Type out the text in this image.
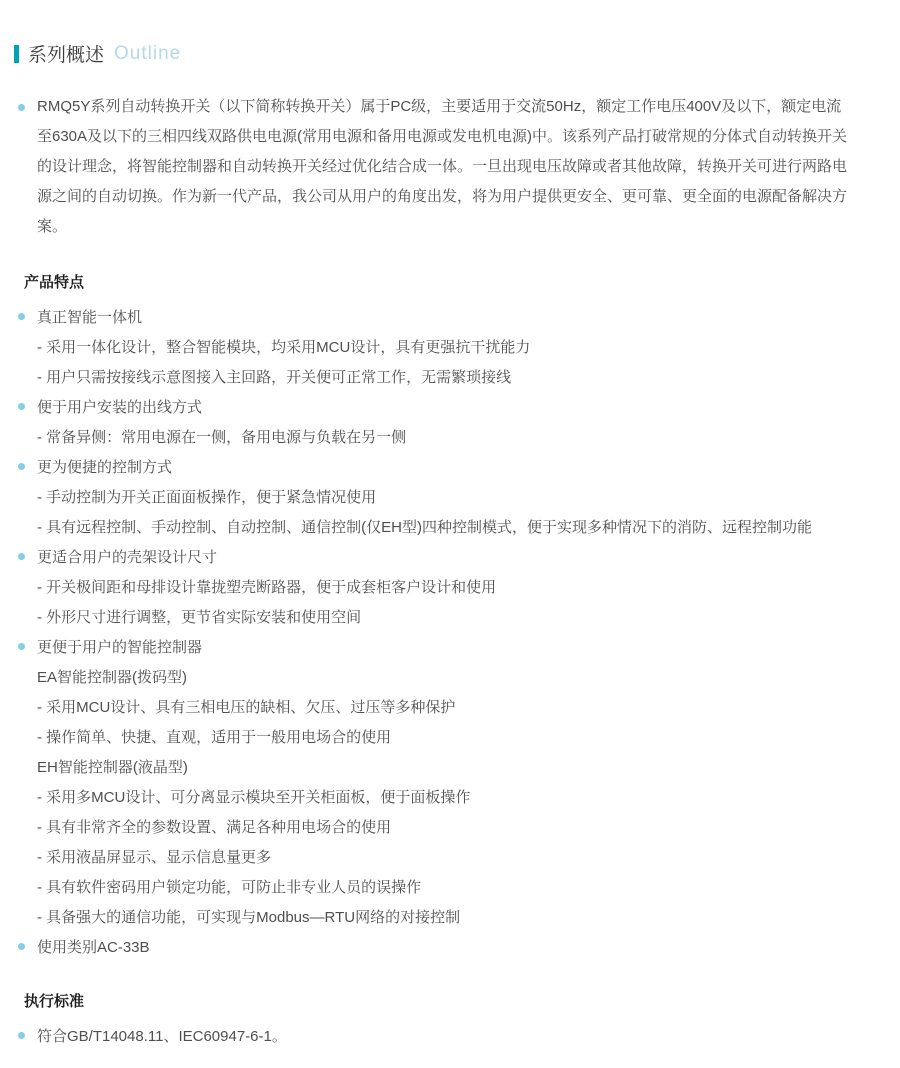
系列概述 Outline

RMQ5Y系列自动转换开关（以下简称转换开关）属于PC级，主要适用于交流50Hz，额定工作电压400V及以下，额定电流至630A及以下的三相四线双路供电电源(常用电源和备用电源或发电机电源)中。该系列产品打破常规的分体式自动转换开关的设计理念，将智能控制器和自动转换开关经过优化结合成一体。一旦出现电压故障或者其他故障，转换开关可进行两路电源之间的自动切换。作为新一代产品，我公司从用户的角度出发，将为用户提供更安全、更可靠、更全面的电源配备解决方案。

产品特点
真正智能一体机
- 采用一体化设计，整合智能模块，均采用MCU设计，具有更强抗干扰能力
- 用户只需按接线示意图接入主回路，开关便可正常工作，无需繁琐接线
便于用户安装的出线方式
- 常备异侧：常用电源在一侧，备用电源与负载在另一侧
更为便捷的控制方式
- 手动控制为开关正面面板操作，便于紧急情况使用
- 具有远程控制、手动控制、自动控制、通信控制(仅EH型)四种控制模式，便于实现多种情况下的消防、远程控制功能
更适合用户的壳架设计尺寸
- 开关极间距和母排设计靠拢塑壳断路器，便于成套柜客户设计和使用
- 外形尺寸进行调整，更节省实际安装和使用空间
更便于用户的智能控制器
EA智能控制器(拨码型)
- 采用MCU设计、具有三相电压的缺相、欠压、过压等多种保护
- 操作简单、快捷、直观，适用于一般用电场合的使用
EH智能控制器(液晶型)
- 采用多MCU设计、可分离显示模块至开关柜面板，便于面板操作
- 具有非常齐全的参数设置、满足各种用电场合的使用
- 采用液晶屏显示、显示信息量更多
- 具有软件密码用户锁定功能，可防止非专业人员的误操作
- 具备强大的通信功能，可实现与Modbus—RTU网络的对接控制
使用类别AC-33B
执行标准
符合GB/T14048.11、IEC60947-6-1。
